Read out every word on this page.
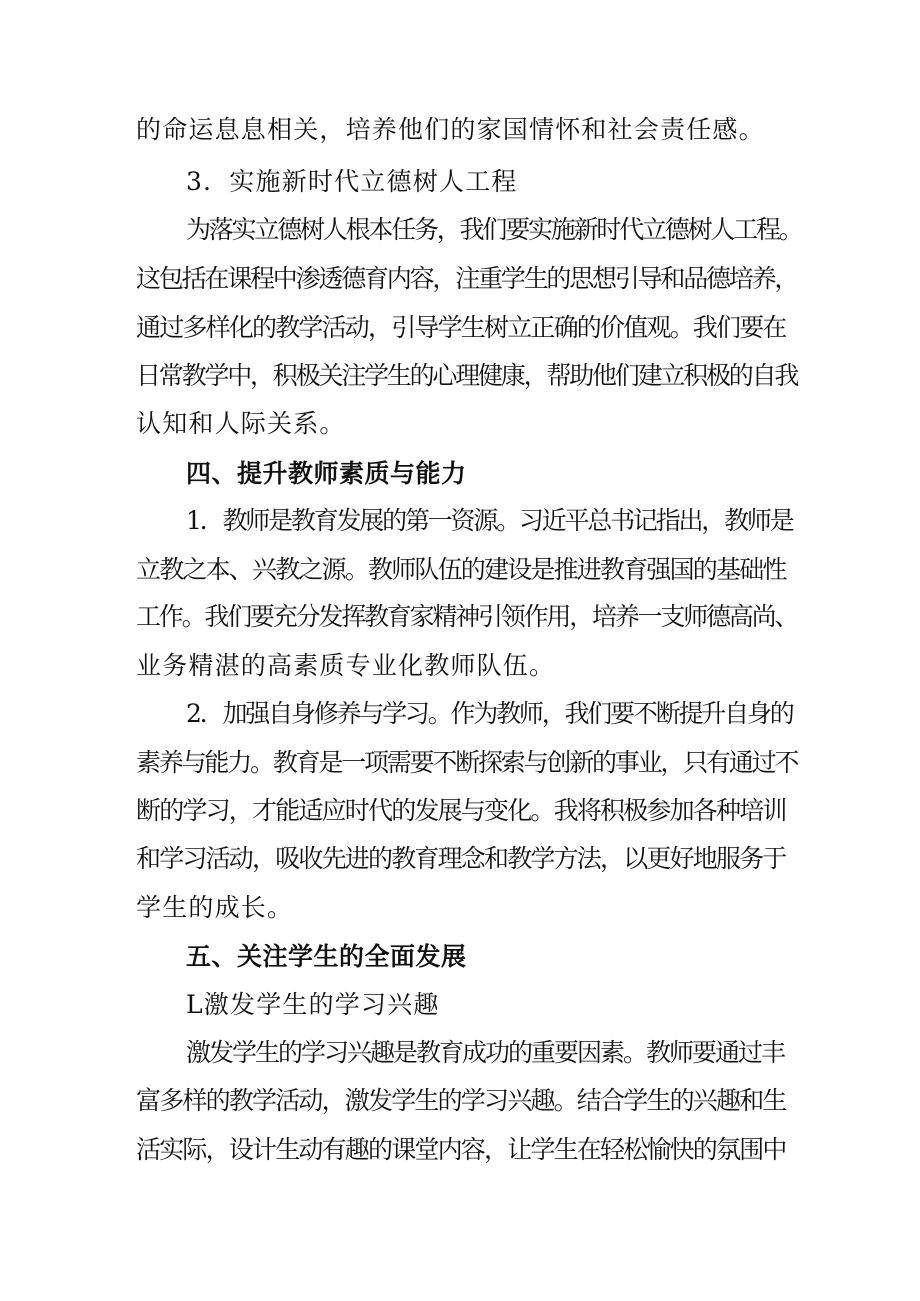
的命运息息相关，培养他们的家国情怀和社会责任感。
3．实施新时代立德树人工程
为落实立德树人根本任务，我们要实施新时代立德树人工程。
这包括在课程中渗透德育内容，注重学生的思想引导和品德培养，
通过多样化的教学活动，引导学生树立正确的价值观。我们要在
日常教学中，积极关注学生的心理健康，帮助他们建立积极的自我
认知和人际关系。
四、提升教师素质与能力
1．教师是教育发展的第一资源。习近平总书记指出，教师是
立教之本、兴教之源。教师队伍的建设是推进教育强国的基础性
工作。我们要充分发挥教育家精神引领作用，培养一支师德高尚、
业务精湛的高素质专业化教师队伍。
2．加强自身修养与学习。作为教师，我们要不断提升自身的
素养与能力。教育是一项需要不断探索与创新的事业，只有通过不
断的学习，才能适应时代的发展与变化。我将积极参加各种培训
和学习活动，吸收先进的教育理念和教学方法，以更好地服务于
学生的成长。
五、关注学生的全面发展
L激发学生的学习兴趣
激发学生的学习兴趣是教育成功的重要因素。教师要通过丰
富多样的教学活动，激发学生的学习兴趣。结合学生的兴趣和生
活实际，设计生动有趣的课堂内容，让学生在轻松愉快的氛围中
